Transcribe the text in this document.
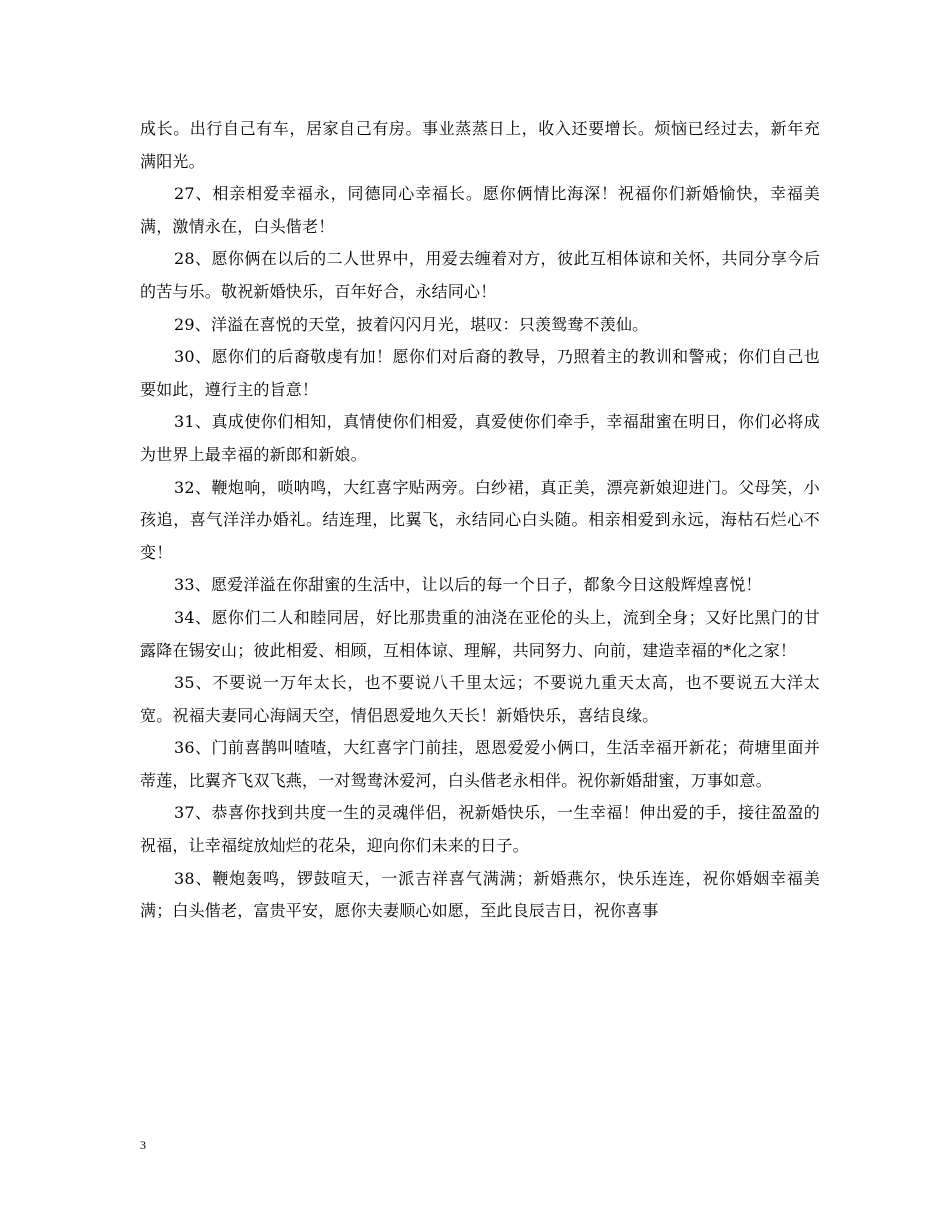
成长。出行自己有车，居家自己有房。事业蒸蒸日上，收入还要增长。烦恼已经过去，新年充满阳光。

27、相亲相爱幸福永，同德同心幸福长。愿你俩情比海深！祝福你们新婚愉快，幸福美满，激情永在，白头偕老！

28、愿你俩在以后的二人世界中，用爱去缠着对方，彼此互相体谅和关怀，共同分享今后的苦与乐。敬祝新婚快乐，百年好合，永结同心！

29、洋溢在喜悦的天堂，披着闪闪月光，堪叹：只羡鸳鸯不羡仙。

30、愿你们的后裔敬虔有加！愿你们对后裔的教导，乃照着主的教训和警戒；你们自己也要如此，遵行主的旨意！

31、真成使你们相知，真情使你们相爱，真爱使你们牵手，幸福甜蜜在明日，你们必将成为世界上最幸福的新郎和新娘。

32、鞭炮响，唢呐鸣，大红喜字贴两旁。白纱裙，真正美，漂亮新娘迎进门。父母笑，小孩追，喜气洋洋办婚礼。结连理，比翼飞，永结同心白头随。相亲相爱到永远，海枯石烂心不变！

33、愿爱洋溢在你甜蜜的生活中，让以后的每一个日子，都象今日这般辉煌喜悦！

34、愿你们二人和睦同居，好比那贵重的油浇在亚伦的头上，流到全身；又好比黑门的甘露降在锡安山；彼此相爱、相顾，互相体谅、理解，共同努力、向前，建造幸福的*化之家！

35、不要说一万年太长，也不要说八千里太远；不要说九重天太高，也不要说五大洋太宽。祝福夫妻同心海阔天空，情侣恩爱地久天长！新婚快乐，喜结良缘。

36、门前喜鹊叫喳喳，大红喜字门前挂，恩恩爱爱小俩口，生活幸福开新花；荷塘里面并蒂莲，比翼齐飞双飞燕，一对鸳鸯沐爱河，白头偕老永相伴。祝你新婚甜蜜，万事如意。

37、恭喜你找到共度一生的灵魂伴侣，祝新婚快乐，一生幸福！伸出爱的手，接往盈盈的祝福，让幸福绽放灿烂的花朵，迎向你们未来的日子。

38、鞭炮轰鸣，锣鼓喧天，一派吉祥喜气满满；新婚燕尔，快乐连连，祝你婚姻幸福美满；白头偕老，富贵平安，愿你夫妻顺心如愿，至此良辰吉日，祝你喜事

3
